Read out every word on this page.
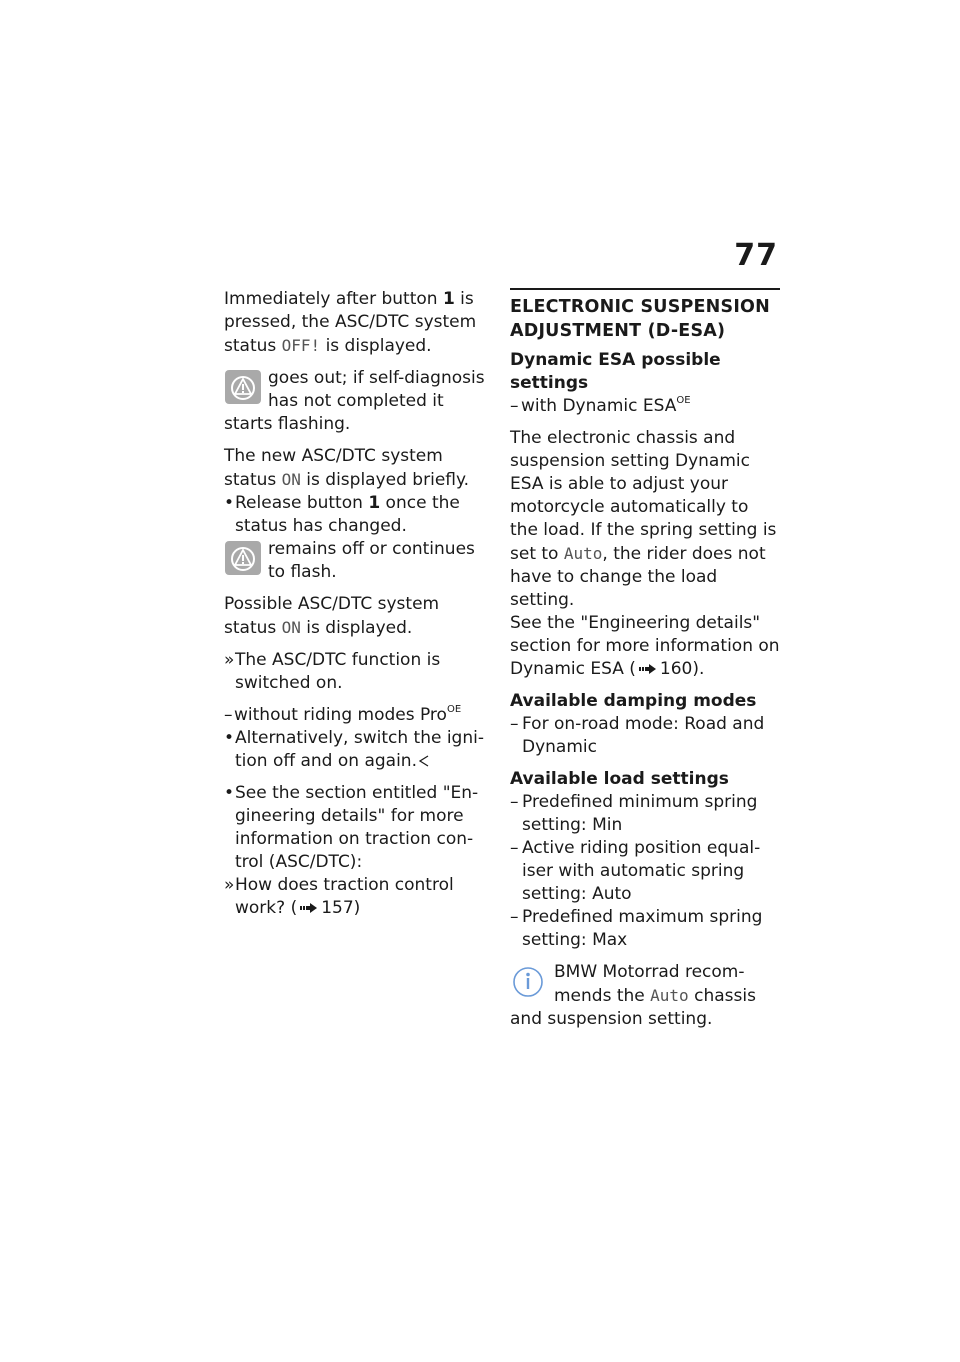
77

Immediately after button 1 is pressed, the ASC/DTC system status OFF! is displayed.

goes out; if self-diagnosis has not completed it

starts flashing.

The new ASC/DTC system status ON is displayed briefly.

• Release button 1 once the status has changed.

remains off or continues to flash.

Possible ASC/DTC system status ON is displayed.

» The ASC/DTC function is switched on.

– without riding modes Pro$^{OE}$

• Alternatively, switch the igni-tion off and on again.

• See the section entitled "En-gineering details" for more information on traction con-trol (ASC/DTC):

» How does traction control work? ( 157)

ELECTRONIC SUSPENSION ADJUSTMENT (D-ESA)

Dynamic ESA possible settings

– with Dynamic $ESA^{OE}$

The electronic chassis and suspension setting Dynamic ESA is able to adjust your motorcycle automatically to the load. If the spring setting is set to Auto, the rider does not have to change the load setting.

See the "Engineering details" section for more information on Dynamic ESA ( 160).

Available damping modes

– For on-road mode: Road and Dynamic

Available load settings

– Predefined minimum spring setting: Min

– Active riding position equal-iser with automatic spring setting: Auto

– Predefined maximum spring setting: Max

BMW Motorrad recom-mends the Auto chassis

and suspension setting.
